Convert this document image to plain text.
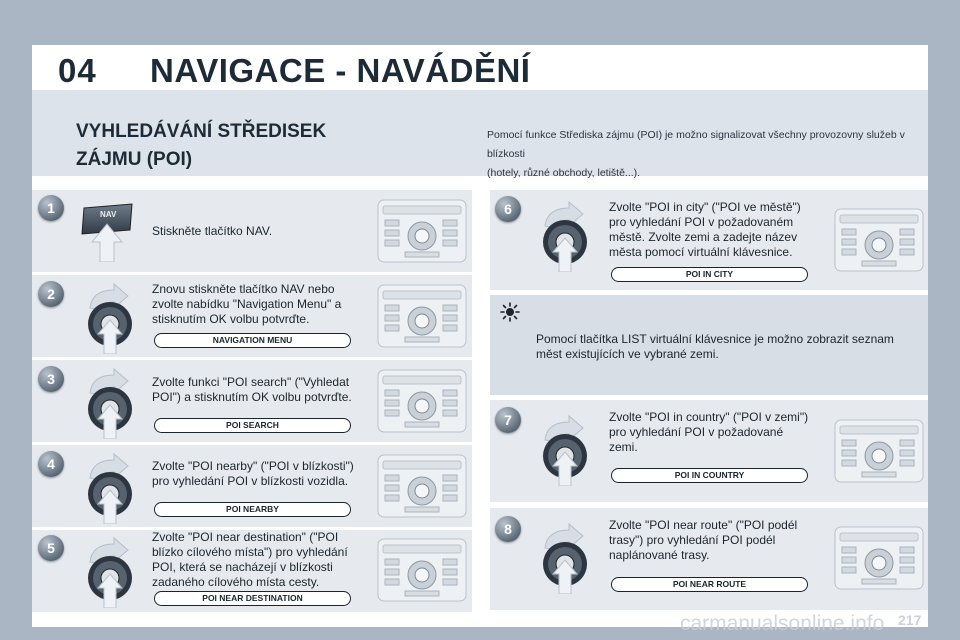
04 NAVIGACE - NAVÁDĚNÍ
VYHLEDÁVÁNÍ STŘEDISEK
ZÁJMU (POI)
Pomocí funkce Střediska zájmu (POI) je možno signalizovat všechny provozovny služeb v blízkosti
(hotely, různé obchody, letiště...).
1	NAV
Stiskněte tlačítko NAV.
2	Znovu stiskněte tlačítko NAV nebo
zvolte nabídku "Navigation Menu" a
stisknutím OK volbu potvrďte.
NAVIGATION MENU
3	Zvolte funkci "POI search" ("Vyhledat
POI") a stisknutím OK volbu potvrďte.
POI SEARCH
4	Zvolte "POI nearby" ("POI v blízkosti")
pro vyhledání POI v blízkosti vozidla.
POI NEARBY
5
Zvolte "POI near destination" ("POI
blízko cílového místa") pro vyhledání
POI, která se nacházejí v blízkosti
zadaného cílového místa cesty.
POI NEAR DESTINATION
6	Zvolte "POI in city" ("POI ve městě")
pro vyhledání POI v požadovaném
městě. Zvolte zemi a zadejte název
města pomocí virtuální klávesnice.
POI IN CITY
Pomocí tlačítka LIST virtuální klávesnice je možno zobrazit seznam
měst existujících ve vybrané zemi.
7	Zvolte "POI in country" ("POI v zemi")
pro vyhledání POI v požadované
zemi.
POI IN COUNTRY
8	Zvolte "POI near route" ("POI podél
trasy") pro vyhledání POI podél
naplánované trasy.
POI NEAR ROUTE
carmanualsonline.info 217
